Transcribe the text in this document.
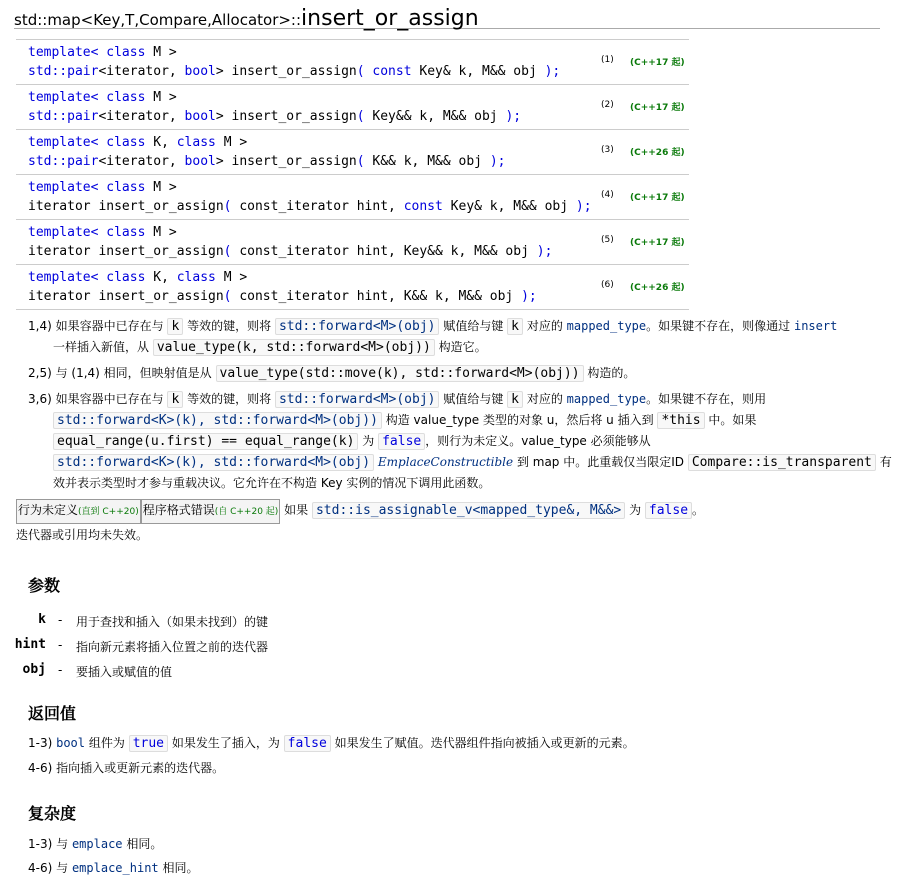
std::map<Key,T,Compare,Allocator>::insert_or_assign
template< class M >
std::pair<iterator, bool> insert_or_assign( const Key& k, M&& obj );
(1) (C++17 起)
template< class M >
std::pair<iterator, bool> insert_or_assign( Key&& k, M&& obj );
(2) (C++17 起)
template< class K, class M >
std::pair<iterator, bool> insert_or_assign( K&& k, M&& obj );
(3) (C++26 起)
template< class M >
iterator insert_or_assign( const_iterator hint, const Key& k, M&& obj );
(4) (C++17 起)
template< class M >
iterator insert_or_assign( const_iterator hint, Key&& k, M&& obj );
(5) (C++17 起)
template< class K, class M >
iterator insert_or_assign( const_iterator hint, K&& k, M&& obj );
(6) (C++26 起)
1,4) 如果容器中已存在与 k 等效的键，则将 std::forward<M>(obj) 赋值给与键 k 对应的 mapped_type。如果键不存在，则像通过 insert
一样插入新值，从 value_type(k, std::forward<M>(obj)) 构造它。
2,5) 与 (1,4) 相同，但映射值是从 value_type(std::move(k), std::forward<M>(obj)) 构造的。
3,6) 如果容器中已存在与 k 等效的键，则将 std::forward<M>(obj) 赋值给与键 k 对应的 mapped_type。如果键不存在，则用
std::forward<K>(k), std::forward<M>(obj)) 构造 value_type 类型的对象 u，然后将 u 插入到 *this 中。如果
equal_range(u.first) == equal_range(k) 为 false ，则行为未定义。value_type 必须能够从
std::forward<K>(k), std::forward<M>(obj) EmplaceConstructible 到 map 中。此重载仅当限定ID Compare::is_transparent 有
效并表示类型时才参与重载决议。它允许在不构造 Key 实例的情况下调用此函数。
行为未定义(直到 C++20) 程序格式错误(自 C++20 起) 如果 std::is_assignable_v<mapped_type&, M&&> 为 false 。
迭代器或引用均未失效。
参数
k - 用于查找和插入（如果未找到）的键
hint - 指向新元素将插入位置之前的迭代器
obj - 要插入或赋值的值
返回值
1-3) bool 组件为 true 如果发生了插入，为 false 如果发生了赋值。迭代器组件指向被插入或更新的元素。
4-6) 指向插入或更新元素的迭代器。
复杂度
1-3) 与 emplace 相同。
4-6) 与 emplace_hint 相同。
